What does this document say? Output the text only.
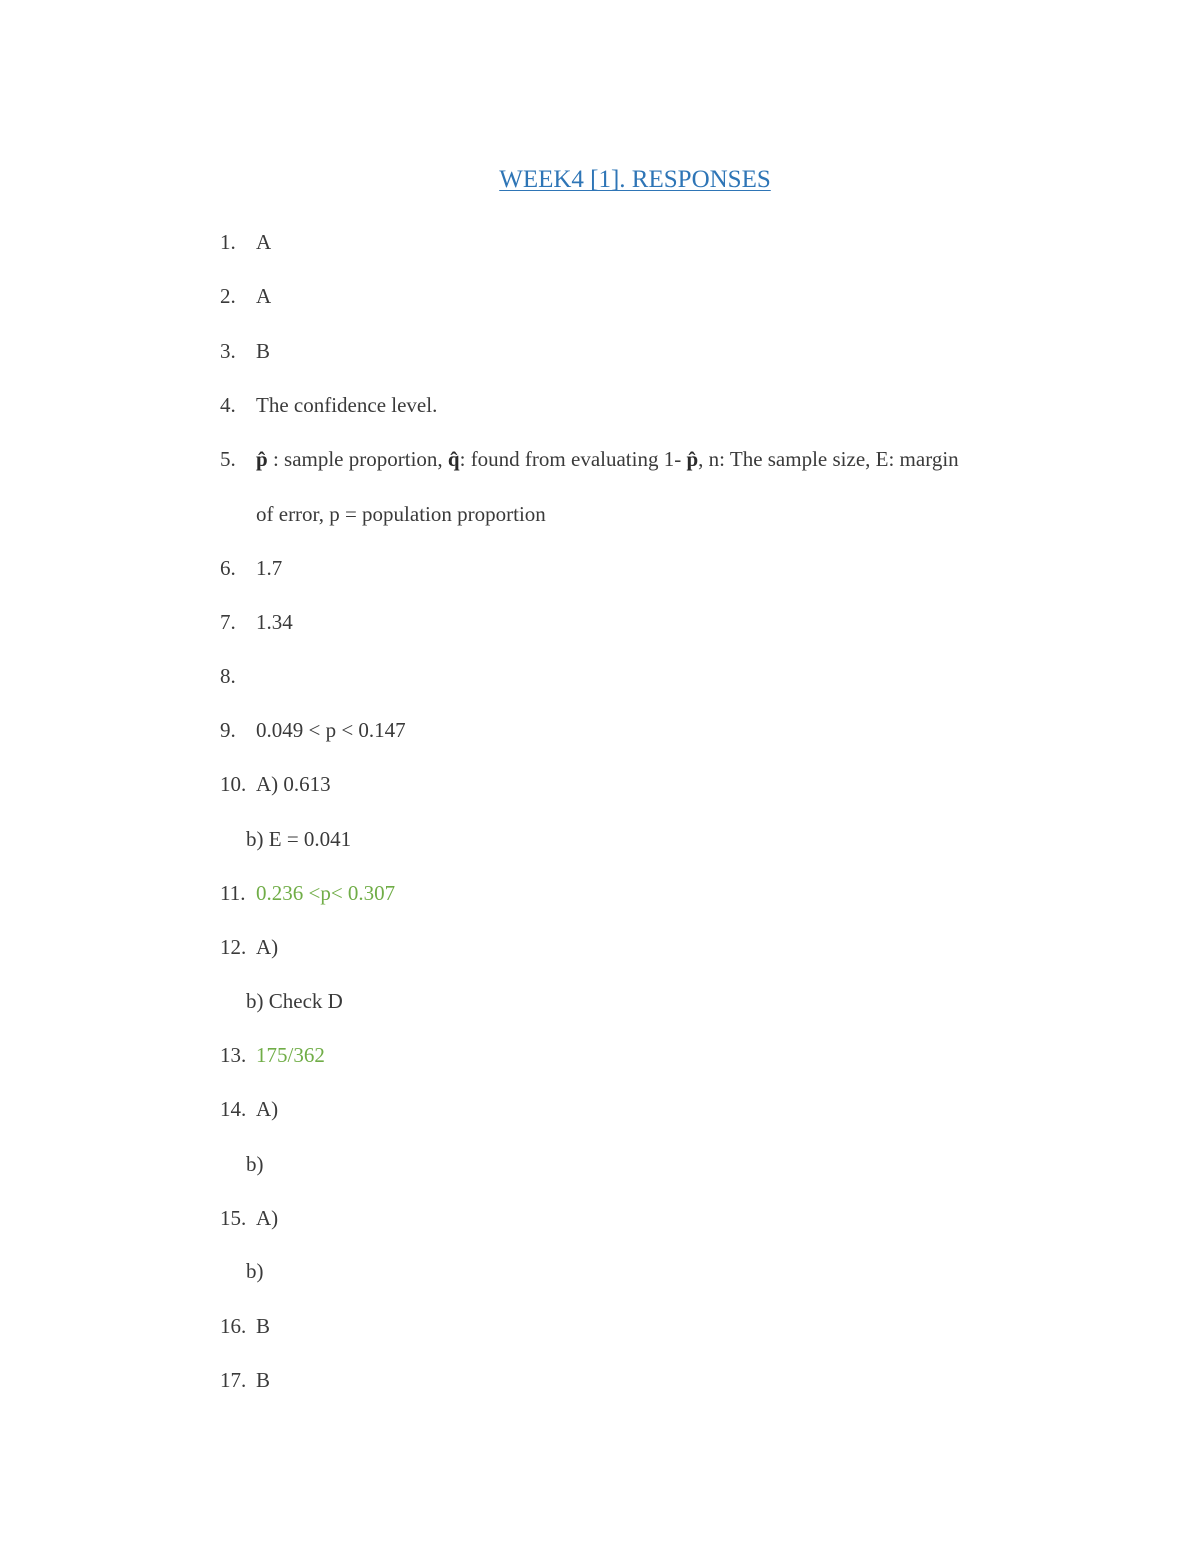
WEEK4 [1]. RESPONSES
1. A
2. A
3. B
4. The confidence level.
5. p̂ : sample proportion, q̂: found from evaluating 1- p̂, n: The sample size, E: margin
of error, p = population proportion
6. 1.7
7. 1.34
8.
9. 0.049 < p < 0.147
10. A) 0.613
b) E = 0.041
11. 0.236 <p< 0.307
12. A)
b) Check D
13. 175/362
14. A)
b)
15. A)
b)
16. B
17. B
